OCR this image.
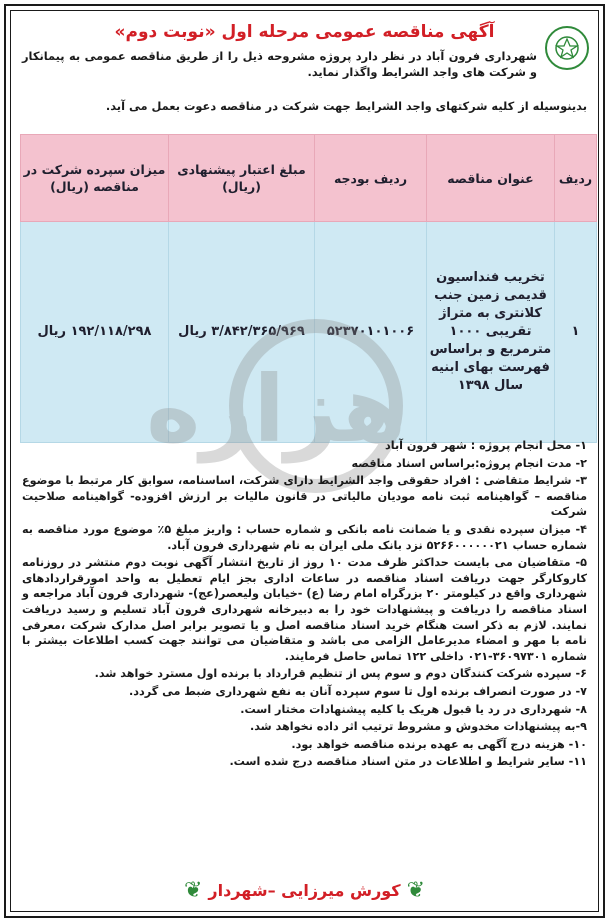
آگهی مناقصه عمومی مرحله اول «نوبت دوم»
شهرداری فرون آباد در نظر دارد پروژه مشروحه ذیل را از طریق مناقصه عمومی به پیمانکار و شرکت های واجد الشرایط واگذار نماید.
بدینوسیله از کلیه شرکتهای واجد الشرایط جهت شرکت در مناقصه دعوت بعمل می آید.
ردیف	عنوان مناقصه	ردیف بودجه	مبلغ اعتبار پیشنهادی (ریال)	میزان سپرده شرکت در مناقصه (ریال)
۱	تخریب فنداسیون قدیمی زمین جنب کلانتری به متراژ تقریبی ۱۰۰۰ مترمربع و براساس فهرست بهای ابنیه سال ۱۳۹۸	۵۲۳۷۰۱۰۱۰۰۶	۳/۸۴۲/۳۶۵/۹۶۹ ریال	۱۹۲/۱۱۸/۲۹۸ ریال
هزاره

۱- محل انجام پروژه : شهر فرون آباد

۲- مدت انجام پروژه:براساس اسناد مناقصه

۳- شرایط متقاضی : افراد حقوقی واجد الشرایط دارای شرکت، اساسنامه، سوابق کار مرتبط با موضوع مناقصه – گواهینامه ثبت نامه مودیان مالیاتی در قانون مالیات بر ارزش افزوده- گواهینامه صلاحیت شرکت

۴- میزان سپرده نقدی و یا ضمانت نامه بانکی و شماره حساب : واریز مبلغ ۵٪ موضوع مورد مناقصه به شماره حساب ۵۲۶۶۰۰۰۰۰۰۲۱ نزد بانک ملی ایران به نام شهرداری فرون آباد.

۵- متقاضیان می بایست حداکثر ظرف مدت ۱۰ روز از تاریخ انتشار آگهی نوبت دوم منتشر در روزنامه کاروکارگر جهت دریافت اسناد مناقصه در ساعات اداری بجز ایام تعطیل به واحد امورقراردادهای شهرداری واقع در کیلومتر ۲۰ بزرگراه امام رضا (ع) -خیابان ولیعصر(عج)- شهرداری فرون آباد مراجعه و اسناد مناقصه را دریافت و پیشنهادات خود را به دبیرخانه شهرداری فرون آباد تسلیم و رسید دریافت نمایند. لازم به ذکر است هنگام خرید اسناد مناقصه اصل و یا تصویر برابر اصل مدارک شرکت ،معرفی نامه با مهر و امضاء مدیرعامل الزامی می باشد و متقاضیان می توانند جهت کسب اطلاعات بیشتر با شماره ۳۶۰۹۷۳۰۱-۰۲۱ داخلی ۱۲۲ تماس حاصل فرمایند.

۶- سپرده شرکت کنندگان دوم و سوم پس از تنظیم قرارداد با برنده اول مسترد خواهد شد.

۷- در صورت انصراف برنده اول تا سوم سپرده آنان به نفع شهرداری ضبط می گردد.

۸- شهرداری در رد یا قبول هریک یا کلیه پیشنهادات مختار است.

۹-به پیشنهادات مخدوش و مشروط ترتیب اثر داده نخواهد شد.

۱۰- هزینه درج آگهی به عهده برنده مناقصه خواهد بود.

۱۱- سایر شرایط و اطلاعات در متن اسناد مناقصه درج شده است.

❦
کورش میرزایی –شهردار
❦
